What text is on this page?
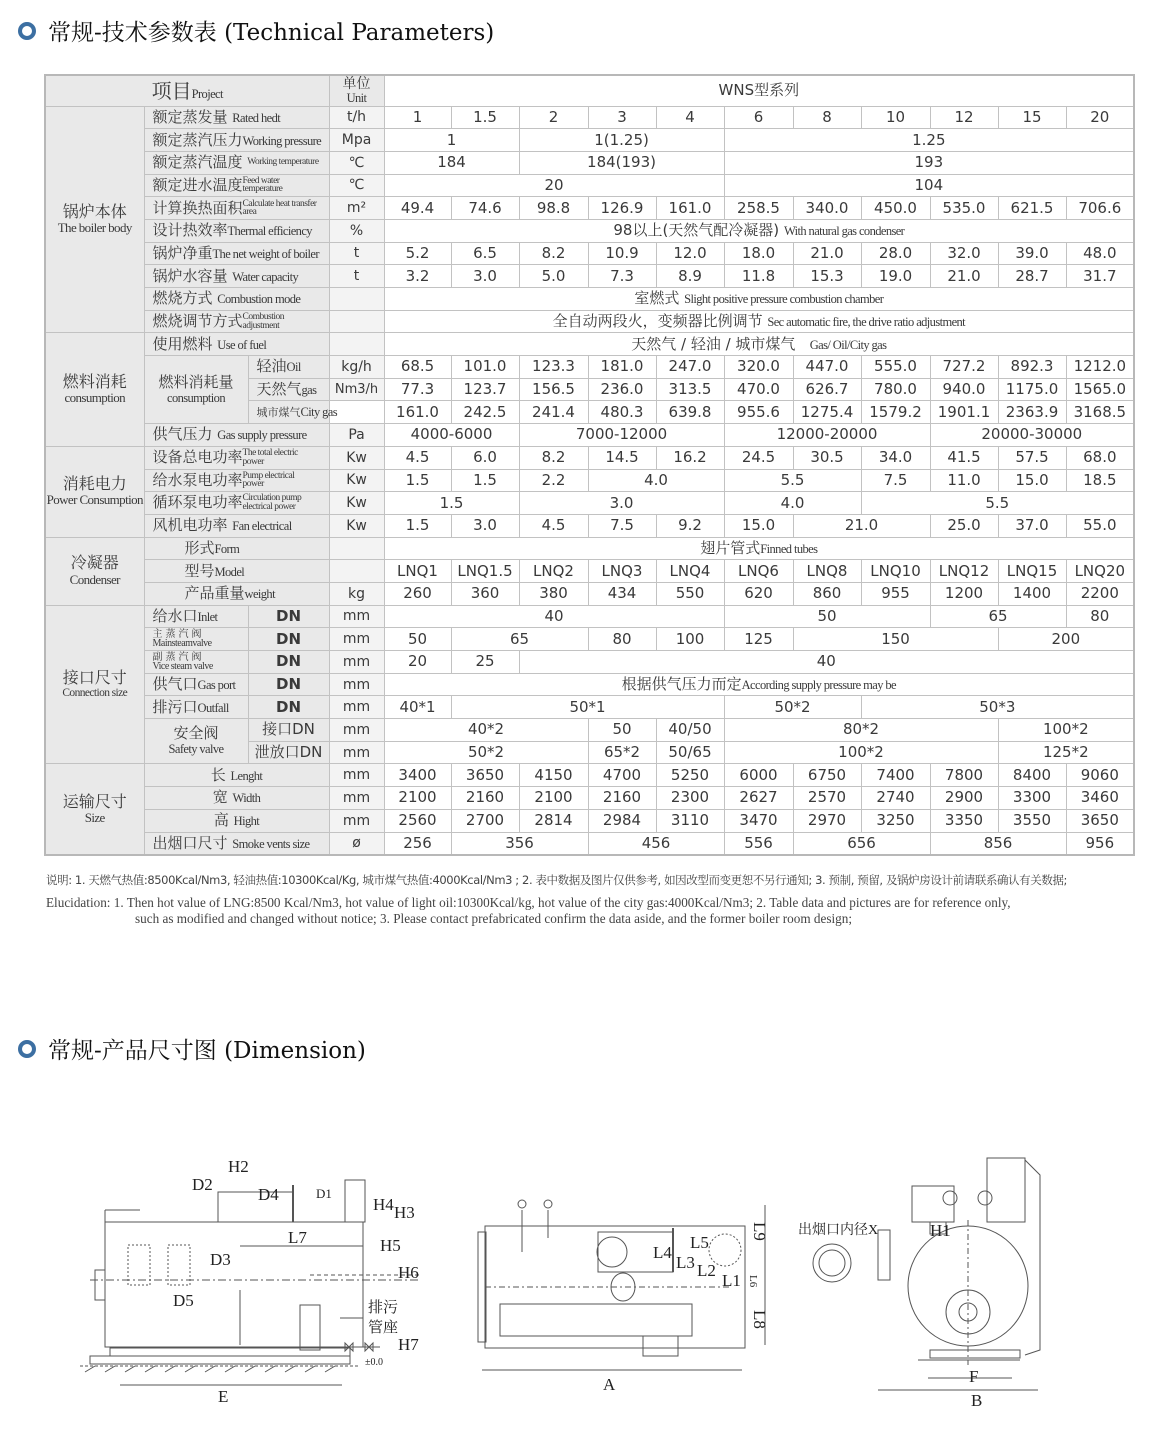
常规-技术参数表 (Technical Parameters)
项目Project			单位
Unit	WNS型系列										
锅炉本体
The boiler body	额定蒸发量 Rated hedt		t/h	1	1.5	2	3	4	6	8	10	12	15	20
	额定蒸汽压力Working pressure		Mpa	1		1(1.25)			1.25					
	额定蒸汽温度 Working temperature		℃	184		184(193)			193					
	额定进水温度Feed water temperature		℃	20					104					
	计算换热面积Calculate heat transfer area		m²	49.4	74.6	98.8	126.9	161.0	258.5	340.0	450.0	535.0	621.5	706.6
	设计热效率Thermal efficiency		%	98以上(天然气配冷凝器) With natural gas condenser										
	锅炉净重The net weight of boiler		t	5.2	6.5	8.2	10.9	12.0	18.0	21.0	28.0	32.0	39.0	48.0
	锅炉水容量 Water capacity		t	3.2	3.0	5.0	7.3	8.9	11.8	15.3	19.0	21.0	28.7	31.7
	燃烧方式 Combustion mode			室燃式 Slight positive pressure combustion chamber										
	燃烧调节方式Combustion adjustment			全自动两段火，变频器比例调节 Sec automatic fire, the drive ratio adjustment										
燃料消耗
consumption	使用燃料 Use of fuel			天然气 / 轻油 / 城市煤气 Gas/ Oil/City gas										
	燃料消耗量
consumption	轻油Oil	kg/h	68.5	101.0	123.3	181.0	247.0	320.0	447.0	555.0	727.2	892.3	1212.0
		天然气gas	Nm3/h	77.3	123.7	156.5	236.0	313.5	470.0	626.7	780.0	940.0	1175.0	1565.0
		城市煤气City gas		161.0	242.5	241.4	480.3	639.8	955.6	1275.4	1579.2	1901.1	2363.9	3168.5
	供气压力 Gas supply pressure		Pa	4000-6000		7000-12000			12000-20000			20000-30000		
消耗电力
Power Consumption	设备总电功率The total electric power		Kw	4.5	6.0	8.2	14.5	16.2	24.5	30.5	34.0	41.5	57.5	68.0
	给水泵电功率Pump electrical power		Kw	1.5	1.5	2.2	4.0		5.5		7.5	11.0	15.0	18.5
	循环泵电功率Circulation pump electrical power		Kw	1.5		3.0			4.0		5.5			
	风机电功率 Fan electrical		Kw	1.5	3.0	4.5	7.5	9.2	15.0	21.0		25.0	37.0	55.0
冷凝器
Condenser	形式Form			翅片管式Finned tubes										
	型号Model			LNQ1	LNQ1.5	LNQ2	LNQ3	LNQ4	LNQ6	LNQ8	LNQ10	LNQ12	LNQ15	LNQ20
	产品重量weight		kg	260	360	380	434	550	620	860	955	1200	1400	2200
接口尺寸
Connection size	给水口Inlet	DN	mm	40					50			65		80
	主蒸汽阀
Mainsteamvalve	DN	mm	50	65		80	100	125	150			200	
	副蒸汽阀
Vice steam valve	DN	mm	20	25	40								
	供气口Gas port	DN	mm	根据供气压力而定According supply pressure may be										
	排污口Outfall	DN	mm	40*1	50*1				50*2		50*3			
	安全阀
Safety valve	接口DN	mm	40*2			50	40/50	80*2				100*2	
		泄放口DN	mm	50*2			65*2	50/65	100*2				125*2	
运输尺寸
Size	长 Lenght		mm	3400	3650	4150	4700	5250	6000	6750	7400	7800	8400	9060
	宽 Width		mm	2100	2160	2100	2160	2300	2627	2570	2740	2900	3300	3460
	高 Hight		mm	2560	2700	2814	2984	3110	3470	2970	3250	3350	3550	3650
	出烟口尺寸 Smoke vents size		ø	256	356		456		556	656		856		956
说明: 1. 天燃气热值:8500Kcal/Nm3, 轻油热值:10300Kcal/Kg, 城市煤气热值:4000Kcal/Nm3 ; 2. 表中数据及图片仅供参考, 如因改型而变更恕不另行通知; 3. 预制, 预留, 及锅炉房设计前请联系确认有关数据;
Elucidation: 1. Then hot value of LNG:8500 Kcal/Nm3, hot value of light oil:10300Kcal/kg, hot value of the city gas:4000Kcal/Nm3; 2. Table data and pictures are for reference only,
such as modified and changed without notice; 3. Please contact prefabricated confirm the data aside, and the former boiler room design;
常规-产品尺寸图 (Dimension)
H2
D2
D4	D1
H4 H3
L7	H5
D3
H6
D5	排污
管座
H7
±0.0
E
L4
L5
L3 L2
L1 L6
L9
L8
A
出烟口内径X	H1
F
B
